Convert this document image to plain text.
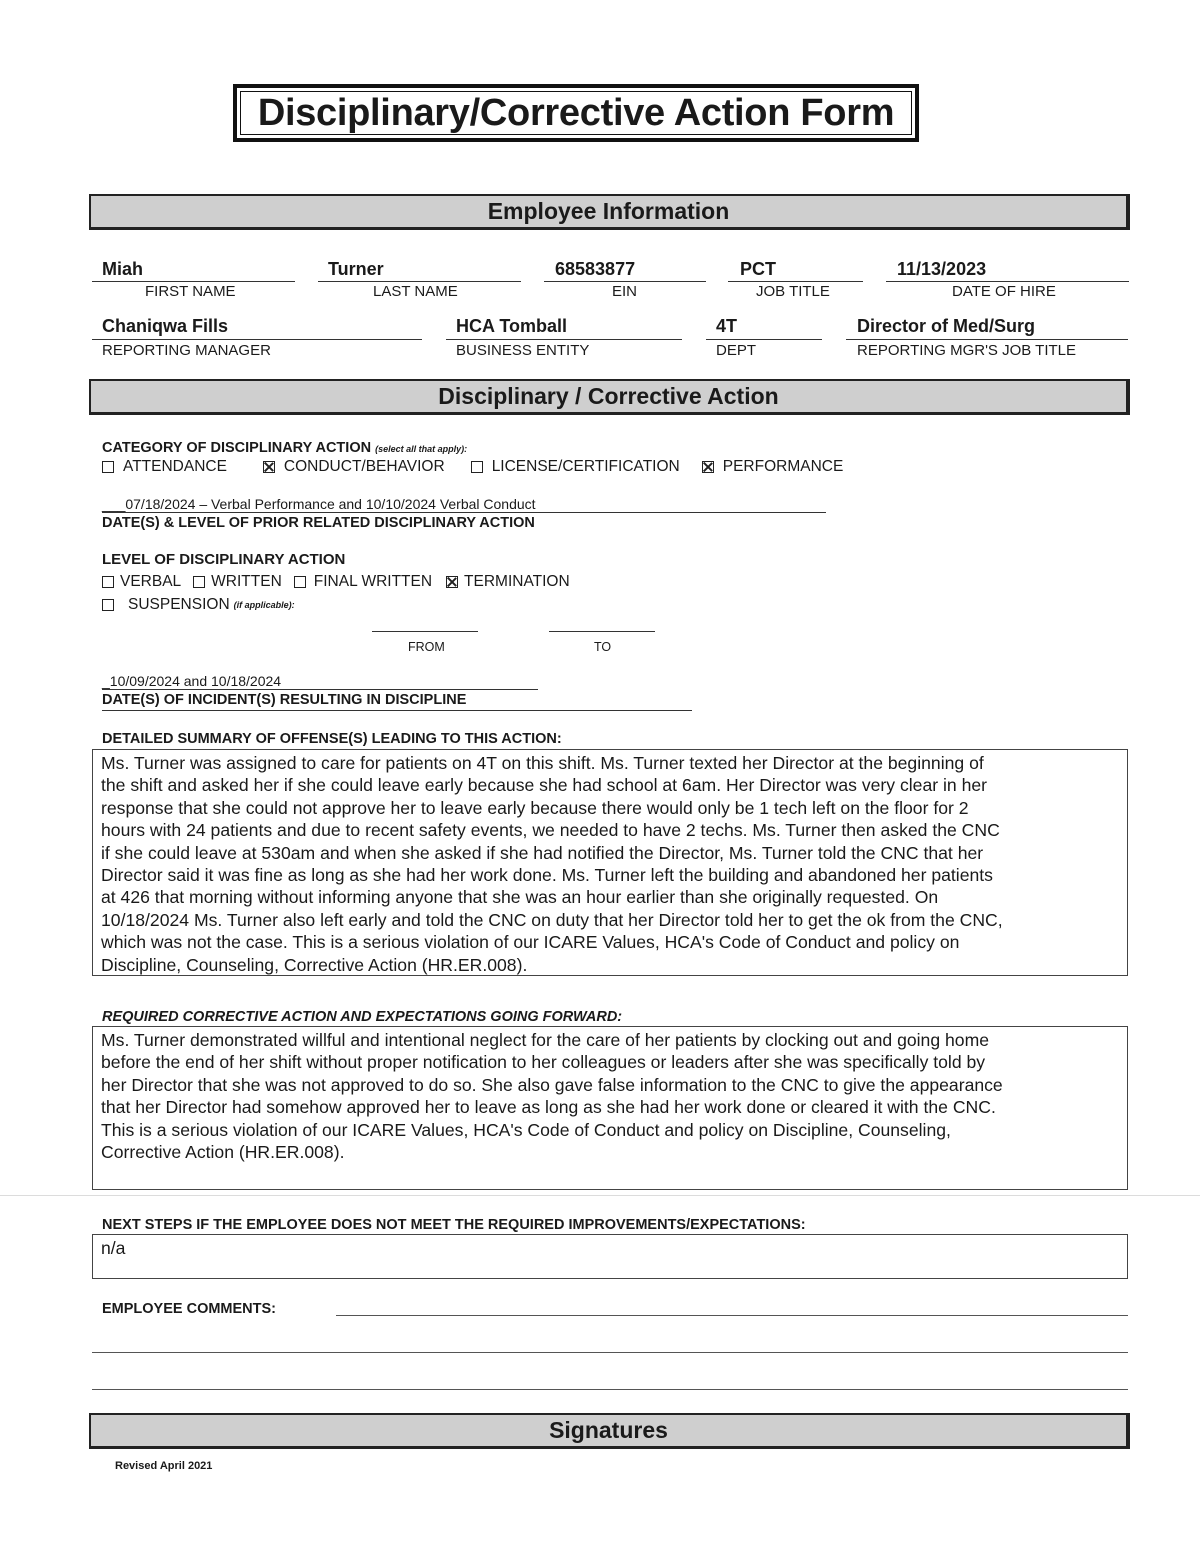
Disciplinary/Corrective Action Form
Employee Information
Miah
FIRST NAME
Turner
LAST NAME
68583877
EIN
PCT
JOB TITLE
11/13/2023
DATE OF HIRE
Chaniqwa Fills
REPORTING MANAGER
HCA Tomball
BUSINESS ENTITY
4T
DEPT
Director of Med/Surg
REPORTING MGR'S JOB TITLE
Disciplinary / Corrective Action
CATEGORY OF DISCIPLINARY ACTION (select all that apply):
ATTENDANCE	CONDUCT/BEHAVIOR	LICENSE/CERTIFICATION	PERFORMANCE
___07/18/2024 – Verbal Performance and 10/10/2024 Verbal Conduct
DATE(S) & LEVEL OF PRIOR RELATED DISCIPLINARY ACTION
LEVEL OF DISCIPLINARY ACTION
VERBAL WRITTEN FINAL WRITTEN TERMINATION
SUSPENSION (if applicable):
FROM	TO
_10/09/2024 and 10/18/2024
DATE(S) OF INCIDENT(S) RESULTING IN DISCIPLINE
DETAILED SUMMARY OF OFFENSE(S) LEADING TO THIS ACTION:
Ms. Turner was assigned to care for patients on 4T on this shift. Ms. Turner texted her Director at the beginning of
the shift and asked her if she could leave early because she had school at 6am. Her Director was very clear in her
response that she could not approve her to leave early because there would only be 1 tech left on the floor for 2
hours with 24 patients and due to recent safety events, we needed to have 2 techs. Ms. Turner then asked the CNC
if she could leave at 530am and when she asked if she had notified the Director, Ms. Turner told the CNC that her
Director said it was fine as long as she had her work done. Ms. Turner left the building and abandoned her patients
at 426 that morning without informing anyone that she was an hour earlier than she originally requested. On
10/18/2024 Ms. Turner also left early and told the CNC on duty that her Director told her to get the ok from the CNC,
which was not the case. This is a serious violation of our ICARE Values, HCA's Code of Conduct and policy on
Discipline, Counseling, Corrective Action (HR.ER.008).
REQUIRED CORRECTIVE ACTION AND EXPECTATIONS GOING FORWARD:
Ms. Turner demonstrated willful and intentional neglect for the care of her patients by clocking out and going home
before the end of her shift without proper notification to her colleagues or leaders after she was specifically told by
her Director that she was not approved to do so. She also gave false information to the CNC to give the appearance
that her Director had somehow approved her to leave as long as she had her work done or cleared it with the CNC.
This is a serious violation of our ICARE Values, HCA's Code of Conduct and policy on Discipline, Counseling,
Corrective Action (HR.ER.008).
NEXT STEPS IF THE EMPLOYEE DOES NOT MEET THE REQUIRED IMPROVEMENTS/EXPECTATIONS:
n/a
EMPLOYEE COMMENTS:
Signatures
Revised April 2021
